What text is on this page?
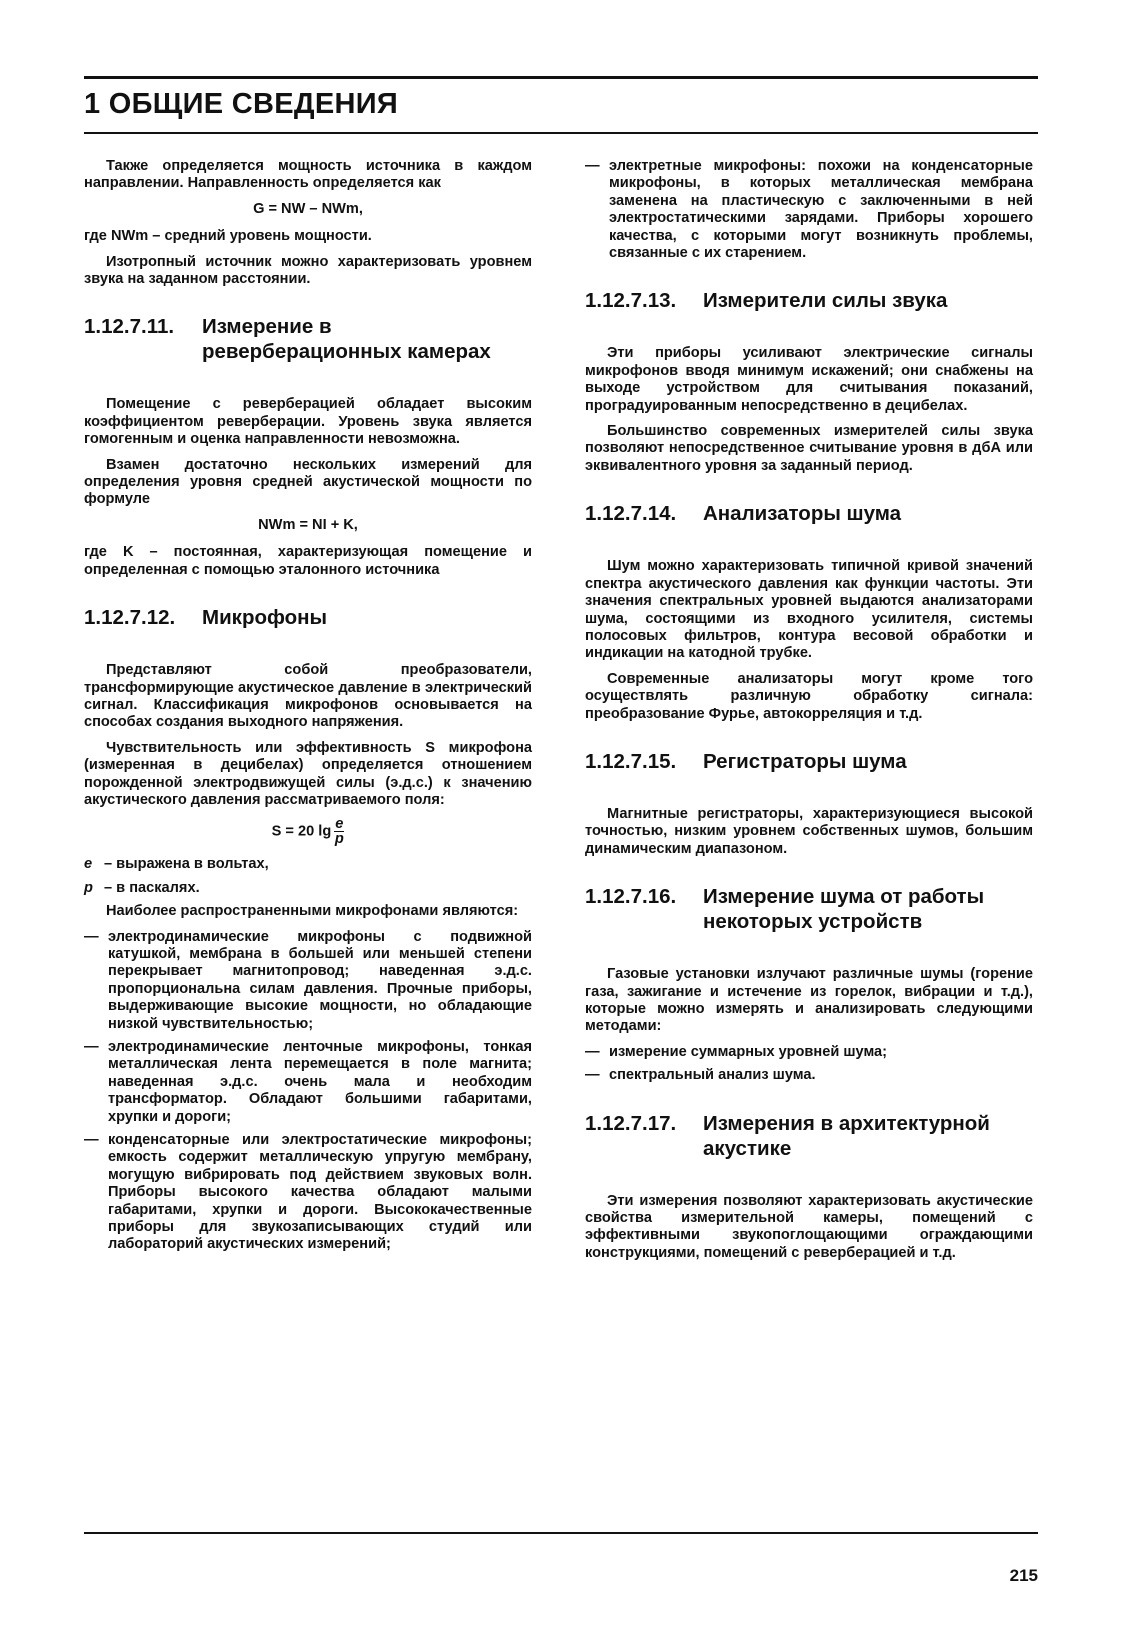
1 ОБЩИЕ СВЕДЕНИЯ

Также определяется мощность источника в каждом направлении. Направленность определяется как

G = NW – NWm,

где NWm – средний уровень мощности.

Изотропный источник можно характеризовать уровнем звука на заданном расстоянии.

1.12.7.11.	Измерение в реверберационных камерах

Помещение с реверберацией обладает высоким коэффициентом реверберации. Уровень звука является гомогенным и оценка направленности невозможна.

Взамен достаточно нескольких измерений для определения уровня средней акустической мощности по формуле

NWm = NI + K,

где K – постоянная, характеризующая помещение и определенная с помощью эталонного источника

1.12.7.12.	Микрофоны

Представляют собой преобразователи, трансформирующие акустическое давление в электрический сигнал. Классификация микрофонов основывается на способах создания выходного напряжения.

Чувствительность или эффективность S микрофона (измеренная в децибелах) определяется отношением порожденной электродвижущей силы (э.д.с.) к значению акустического давления рассматриваемого поля:

S = 20 $\lg \frac{e}{p}$
e – выражена в вольтах,
p – в паскалях.

Наиболее распространенными микрофонами являются:

— электродинамические микрофоны с подвижной катушкой, мембрана в большей или меньшей степени перекрывает магнитопровод; наведенная э.д.с. пропорциональна силам давления. Прочные приборы, выдерживающие высокие мощности, но обладающие низкой чувствительностью;
— электродинамические ленточные микрофоны, тонкая металлическая лента перемещается в поле магнита; наведенная э.д.с. очень мала и необходим трансформатор. Обладают большими габаритами, хрупки и дороги;
— конденсаторные или электростатические микрофоны; емкость содержит металлическую упругую мембрану, могущую вибрировать под действием звуковых волн. Приборы высокого качества обладают малыми габаритами, хрупки и дороги. Высококачественные приборы для звукозаписывающих студий или лабораторий акустических измерений;
— электретные микрофоны: похожи на конденсаторные микрофоны, в которых металлическая мембрана заменена на пластическую с заключенными в ней электростатическими зарядами. Приборы хорошего качества, с которыми могут возникнуть проблемы, связанные с их старением.
1.12.7.13.	Измерители силы звука

Эти приборы усиливают электрические сигналы микрофонов вводя минимум искажений; они снабжены на выходе устройством для считывания показаний, проградуированным непосредственно в децибелах.

Большинство современных измерителей силы звука позволяют непосредственное считывание уровня в дбА или эквивалентного уровня за заданный период.

1.12.7.14.	Анализаторы шума

Шум можно характеризовать типичной кривой значений спектра акустического давления как функции частоты. Эти значения спектральных уровней выдаются анализаторами шума, состоящими из входного усилителя, системы полосовых фильтров, контура весовой обработки и индикации на катодной трубке.

Современные анализаторы могут кроме того осуществлять различную обработку сигнала: преобразование Фурье, автокорреляция и т.д.

1.12.7.15.	Регистраторы шума

Магнитные регистраторы, характеризующиеся высокой точностью, низким уровнем собственных шумов, большим динамическим диапазоном.

1.12.7.16.	Измерение шума от работы некоторых устройств

Газовые установки излучают различные шумы (горение газа, зажигание и истечение из горелок, вибрации и т.д.), которые можно измерять и анализировать следующими методами:

— измерение суммарных уровней шума;
— спектральный анализ шума.
1.12.7.17.	Измерения в архитектурной акустике

Эти измерения позволяют характеризовать акустические свойства измерительной камеры, помещений с эффективными звукопоглощающими ограждающими конструкциями, помещений с реверберацией и т.д.

215
